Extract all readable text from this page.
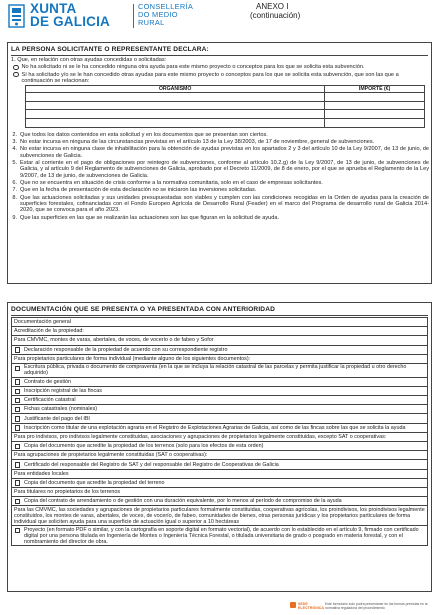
XUNTA
DE GALICIA
CONSELLERÍA
DO MEDIO
RURAL
ANEXO I
(continuación)
LA PERSONA SOLICITANTE O REPRESENTANTE DECLARA:
1. Que, en relación con otras ayudas concedidas o solicitadas:
No ha solicitado ni se le ha concedido ninguna otra ayuda para este mismo proyecto o conceptos para los que se solicita esta subvención.
Sí ha solicitado y/o se le han concedido otras ayudas para este mismo proyecto o conceptos para los que se solicita esta subvención, que son las que a continuación se relacionan:
ORGANISMO	IMPORTE (€)

2. Que todos los datos contenidos en esta solicitud y en los documentos que se presentan son ciertos.
3. No estar incursa en ninguna de las circunstancias previstas en el artículo 13 de la Ley 38/2003, de 17 de noviembre, general de subvenciones.
4. No estar incursa en ninguna clase de inhabilitación para la obtención de ayudas previstas en los apartados 2 y 3 del artículo 10 de la Ley 9/2007, de 13 de junio, de subvenciones de Galicia.
5. Estar al corriente en el pago de obligaciones por reintegro de subvenciones, conforme al artículo 10.2.g) de la Ley 9/2007, de 13 de junio, de subvenciones de Galicia, y al artículo 9 del Reglamento de subvenciones de Galicia, aprobado por el Decreto 11/2009, de 8 de enero, por el que se aprueba el Reglamento de la Ley 9/2007, de 13 de junio, de subvenciones de Galicia.
6. Que no se encuentra en situación de crisis conforme a la normativa comunitaria, solo en el caso de empresas solicitantes.
7. Que en la fecha de presentación de esta declaración no se iniciaron las inversiones solicitadas.
8. Que las actuaciones solicitadas y sus unidades presupuestadas son viables y cumplen con las condiciones recogidas en la Orden de ayudas para la creación de superficies forestales, cofinanciadas con el Fondo Europeo Agrícola de Desarrollo Rural (Feader) en el marco del Programa de desarrollo rural de Galicia 2014-2020, que se convoca para el año 2023.
9. Que las superficies en las que se realizarán las actuaciones son las que figuran en la solicitud de ayuda.
DOCUMENTACIÓN QUE SE PRESENTA O YA PRESENTADA CON ANTERIORIDAD
Documentación general
Acreditación de la propiedad:
Para CMVMC, montes de varas, abertales, de voces, de vocerío o de fabeo y Sofor

Declaración responsable de la propiedad de acuerdo con su correspondiente registro
Para propietarios particulares de forma individual (mediante alguno de los siguientes documentos):

Escritura pública, privada o documento de compraventa (en la que se incluya la relación catastral de las parcelas y permita justificar la propiedad u otro derecho adquirido)

Contrato de gestión

Inscripción registral de las fincas

Certificación catastral

Fichas catastrales (nominales)

Justificante del pago del IBI

Inscripción como titular de una explotación agraria en el Registro de Explotaciones Agrarias de Galicia, así como de las fincas sobre las que se solicita la ayuda
Para pro indivisos, pro indivisos legalmente constituidas, asociaciones y agrupaciones de propietarios legalmente constituidas, excepto SAT o cooperativas:

Copia del documento que acredite la propiedad de los terrenos (solo para los efectos de esta orden)
Para agrupaciones de propietarios legalmente constituidas (SAT o cooperativas):

Certificado del responsable del Registro de SAT y del responsable del Registro de Cooperativas de Galicia
Para entidades locales

Copia del documento que acredite la propiedad del terreno
Para titulares no propietarios de los terrenos

Copia del contrato de arrendamiento o de gestión con una duración equivalente, por lo menos al período de compromiso de la ayuda
Para las CMVMC, las sociedades y agrupaciones de propietarios particulares formalmente constituidas, cooperativas agrícolas, los proindivisos, los proindivisos legalmente constituidos, los montes de varas, abertales, de voces, de vocerío, de fabeo, comunidades de bienes, otras personas jurídicas y los propietarios particulares de forma individual que soliciten ayuda para una superficie de actuación igual o superior a 10 hectáreas

Proyecto (en formato PDF o similar, y con la cartografía en soporte digital en formato vectorial), de acuerdo con lo establecido en el artículo 9, firmado con certificado digital por una persona titulada en Ingeniería de Montes o Ingeniería Técnica Forestal, o titulada universitaria de grado o posgrado en materia forestal, y con el nombramiento del director de obra.
SEDE ELECTRÓNICA
Este formulario solo podrá presentarse en las formas previstas en la normativa reguladora del procedimiento
